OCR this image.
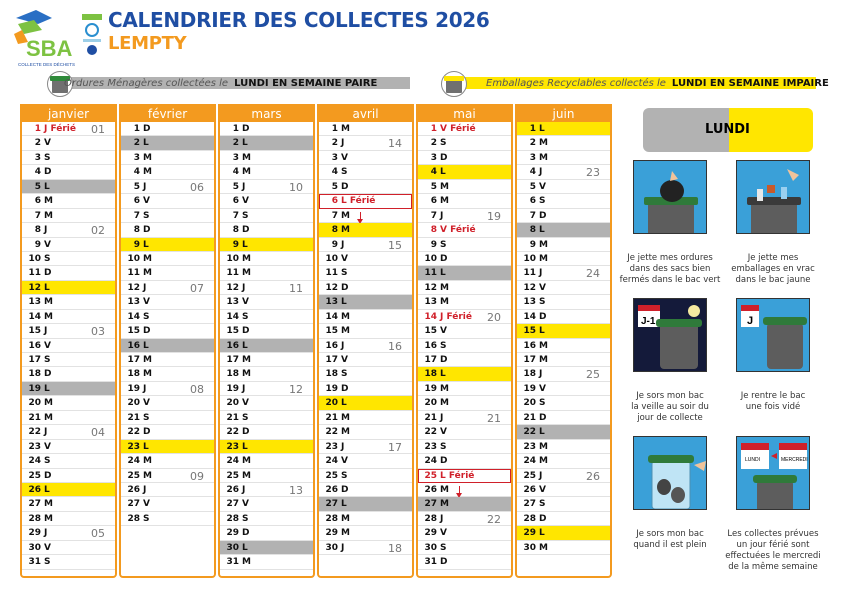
SBA
COLLECTE DES DÉCHETS
CALENDRIER DES COLLECTES 2026
LEMPTY
Ordures Ménagères collectées le LUNDI EN SEMAINE PAIRE	Emballages Recyclables collectés le LUNDI EN SEMAINE IMPAIRE
janvier
1 J Férié 01
2 V
3 S
4 D
5 L
6 M
7 M
8 J	02
9 V
10 S
11 D
12 L
13 M
14 M
15 J	03
16 V
17 S
18 D
19 L
20 M
21 M
22 J	04
23 V
24 S
25 D
26 L
27 M
28 M
29 J	05
30 V
31 S
février
1 D
2 L
3 M
4 M
5 J	06
6 V
7 S
8 D
9 L
10 M
11 M
12 J	07
13 V
14 S
15 D
16 L
17 M
18 M
19 J	08
20 V
21 S
22 D
23 L
24 M
25 M	09
26 J
27 V
28 S
mars
1 D
2 L
3 M
4 M
5 J	10
6 V
7 S
8 D
9 L
10 M
11 M
12 J	11
13 V
14 S
15 D
16 L
17 M
18 M
19 J	12
20 V
21 S
22 D
23 L
24 M
25 M
26 J	13
27 V
28 S
29 D
30 L
31 M
avril
1 M
2 J	14
3 V
4 S
5 D
6 L Férié
7 M
8 M
9 J	15
10 V
11 S
12 D
13 L
14 M
15 M
16 J	16
17 V
18 S
19 D
20 L
21 M
22 M
23 J	17
24 V
25 S
26 D
27 L
28 M
29 M
30 J	18
mai
1 V Férié
2 S
3 D
4 L
5 M
6 M
7 J	19
8 V Férié
9 S
10 D
11 L
12 M
13 M
14 J Férié 20
15 V
16 S
17 D
18 L
19 M
20 M
21 J	21
22 V
23 S
24 D
25 L Férié
26 M
27 M
28 J	22
29 V
30 S
31 D
juin
1 L
2 M
3 M
4 J	23
5 V
6 S
7 D
8 L
9 M
10 M
11 J	24
12 V
13 S
14 D
15 L
16 M
17 M
18 J	25
19 V
20 S
21 D
22 L
23 M
24 M
25 J	26
26 V
27 S
28 D
29 L
30 M
LUNDI
Je jette mes ordures
dans des sacs bien
fermés dans le bac vert
Je jette mes
emballages en vrac
dans le bac jaune
J-1
Je sors mon bac
la veille au soir du
jour de collecte
J
Je rentre le bac
une fois vidé
Je sors mon bac
quand il est plein
LUNDI	MERCREDI
Les collectes prévues
un jour férié sont
effectuées le mercredi
de la même semaine
